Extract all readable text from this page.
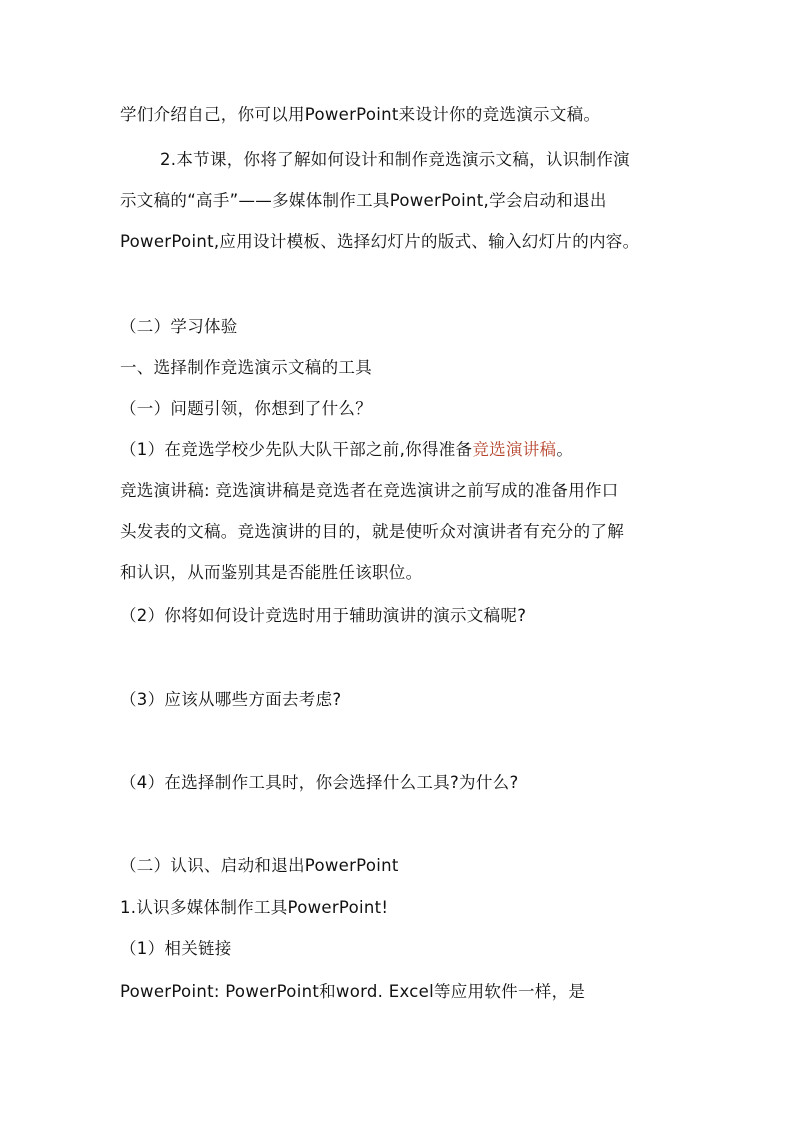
学们介绍自己，你可以用PowerPoint来设计你的竞选演示文稿。
2.本节课，你将了解如何设计和制作竞选演示文稿，认识制作演
示文稿的“高手”——多媒体制作工具PowerPoint,学会启动和退出
PowerPoint,应用设计模板、选择幻灯片的版式、输入幻灯片的内容。
（二）学习体验
一、选择制作竞选演示文稿的工具
（一）问题引领，你想到了什么？
（1）在竞选学校少先队大队干部之前,你得准备竞选演讲稿。
竞选演讲稿: 竞选演讲稿是竞选者在竞选演讲之前写成的准备用作口
头发表的文稿。竞选演讲的目的，就是使听众对演讲者有充分的了解
和认识，从而鉴别其是否能胜任该职位。
（2）你将如何设计竞选时用于辅助演讲的演示文稿呢?
（3）应该从哪些方面去考虑?
（4）在选择制作工具时，你会选择什么工具?为什么?
（二）认识、启动和退出PowerPoint
1.认识多媒体制作工具PowerPoint!
（1）相关链接
PowerPoint: PowerPoint和word. Excel等应用软件一样，是
